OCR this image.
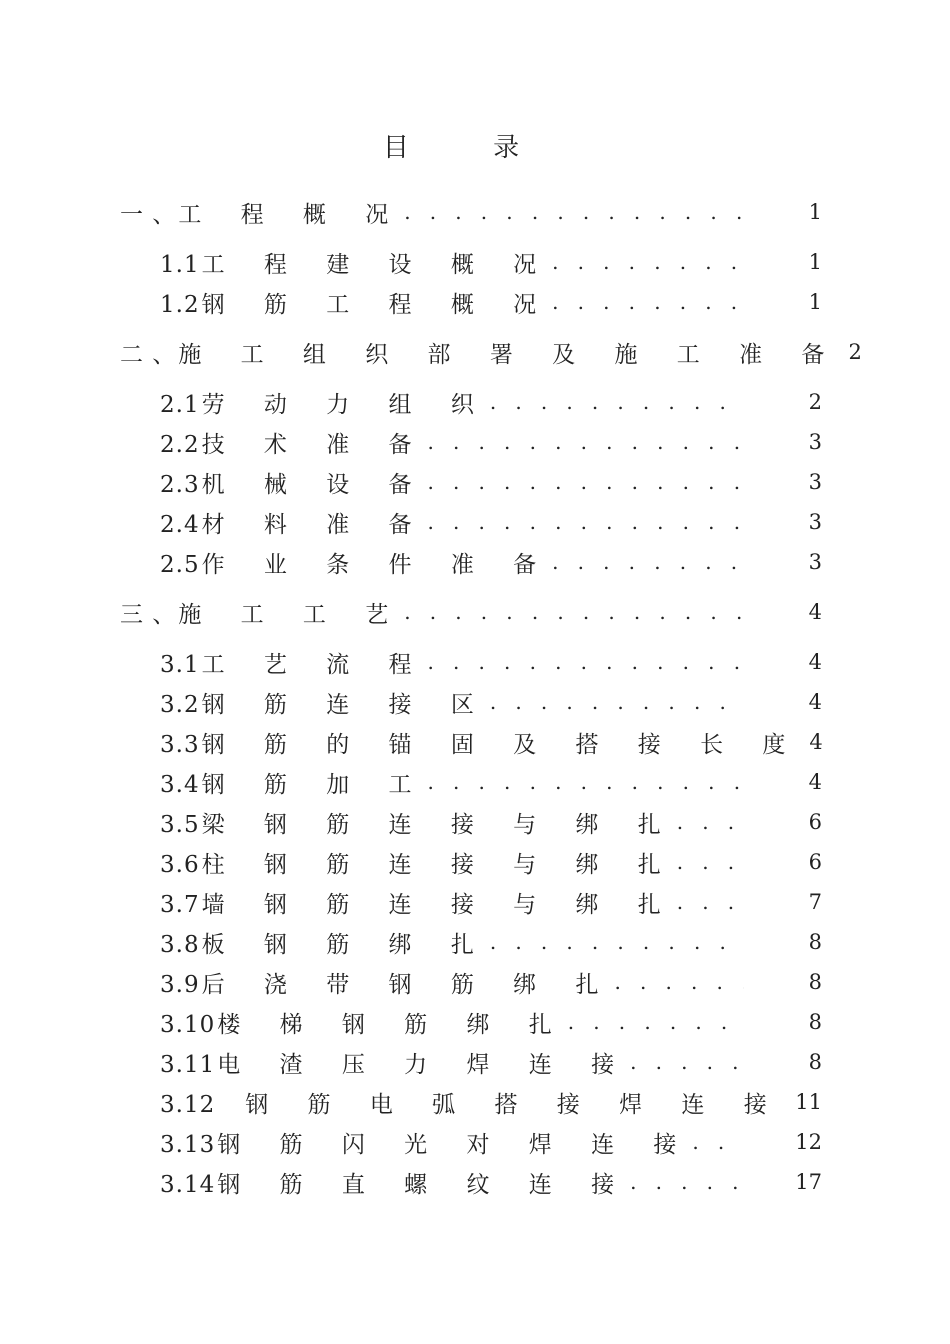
目 录
一 、 工 程 概 况 . . .	1
1.1 工 程 建 设 概 况 . . .	1
1.2 钢 筋 工 程 概 况 . . .	1
二 、 施 工 组 织 部 署 及 施 工 准 备 2
2.1 劳 动 力 组 织 . . .	2
2.2 技 术 准 备 . . .	3
2.3 机 械 设 备 . . .	3
2.4 材 料 准 备 . . .	3
2.5 作 业 条 件 准 备 . . .	3
三 、 施 工 工 艺 . . .	4
3.1 工 艺 流 程 . . .	4
3.2 钢 筋 连 接 区 . . .	4
3.3 钢 筋 的 锚 固 及 搭 接 长 度 4
3.4 钢 筋 加 工 . . .	4
3.5 梁 钢 筋 连 接 与 绑 扎 . . .	6
3.6 柱 钢 筋 连 接 与 绑 扎 . . .	6
3.7 墙 钢 筋 连 接 与 绑 扎 . . .	7
3.8 板 钢 筋 绑 扎 . . .	8
3.9 后 浇 带 钢 筋 绑 扎 . . .	8
3.10 楼 梯 钢 筋 绑 扎 . . .	8
3.11 电 渣 压 力 焊 连 接 . . .	8
3.12 钢 筋 电 弧 搭 接 焊 连 接 11
3.13 钢 筋 闪 光 对 焊 连 接 . . .	12
3.14 钢 筋 直 螺 纹 连 接 . . .	17
